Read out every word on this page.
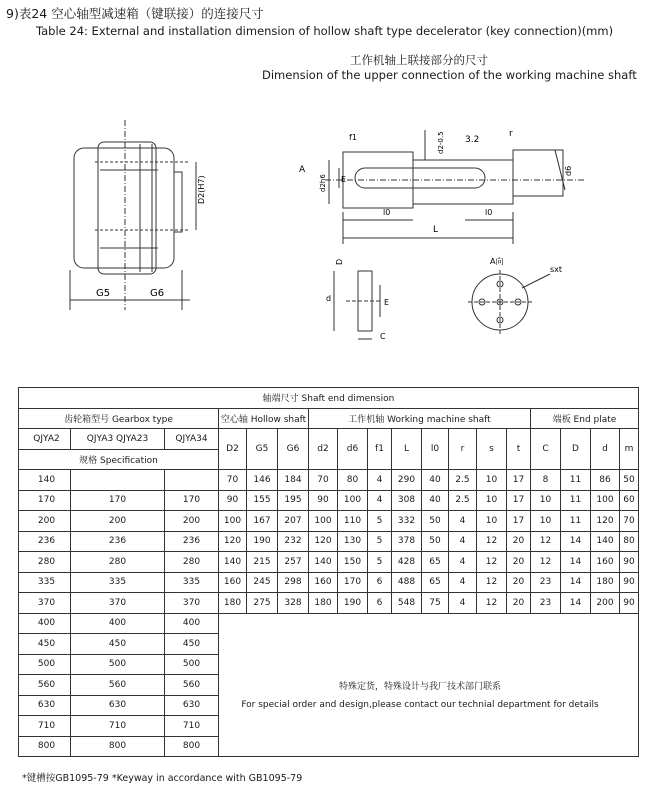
9)表24 空心轴型减速箱（键联接）的连接尺寸
Table 24: External and installation dimension of hollow shaft type decelerator (key connection)(mm)
工作机轴上联接部分的尺寸
Dimension of the upper connection of the working machine shaft
G5	G6
D2(H7)
f1	d2-0.5 3.2
r
A
d2h6 E
l0	l0
L
d6
D
d	E
C
A向
sxt
轴端尺寸 Shaft end dimension																	
齿轮箱型号 Gearbox type			空心轴 Hollow shaft			工作机轴 Working machine shaft								端板 End plate			
QJYA2	QJYA3 QJYA23	QJYA34	D2	G5	G6	d2	d6	f1	L	l0	r	s	t	C	D	d	m
规格 Specification																	
140			70	146	184	70	80	4	290	40	2.5	10	17	8	11	86	50
170	170	170	90	155	195	90	100	4	308	40	2.5	10	17	10	11	100	60
200	200	200	100	167	207	100	110	5	332	50	4	10	17	10	11	120	70
236	236	236	120	190	232	120	130	5	378	50	4	12	20	12	14	140	80
280	280	280	140	215	257	140	150	5	428	65	4	12	20	12	14	160	90
335	335	335	160	245	298	160	170	6	488	65	4	12	20	23	14	180	90
370	370	370	180	275	328	180	190	6	548	75	4	12	20	23	14	200	90
400	400	400															
450	450	450															
500	500	500															
560	560	560															
630	630	630															
710	710	710															
800	800	800															
特殊定货，特殊设计与我厂技术部门联系
For special order and design,please contact our technial department for details
*键槽按GB1095-79 *Keyway in accordance with GB1095-79
